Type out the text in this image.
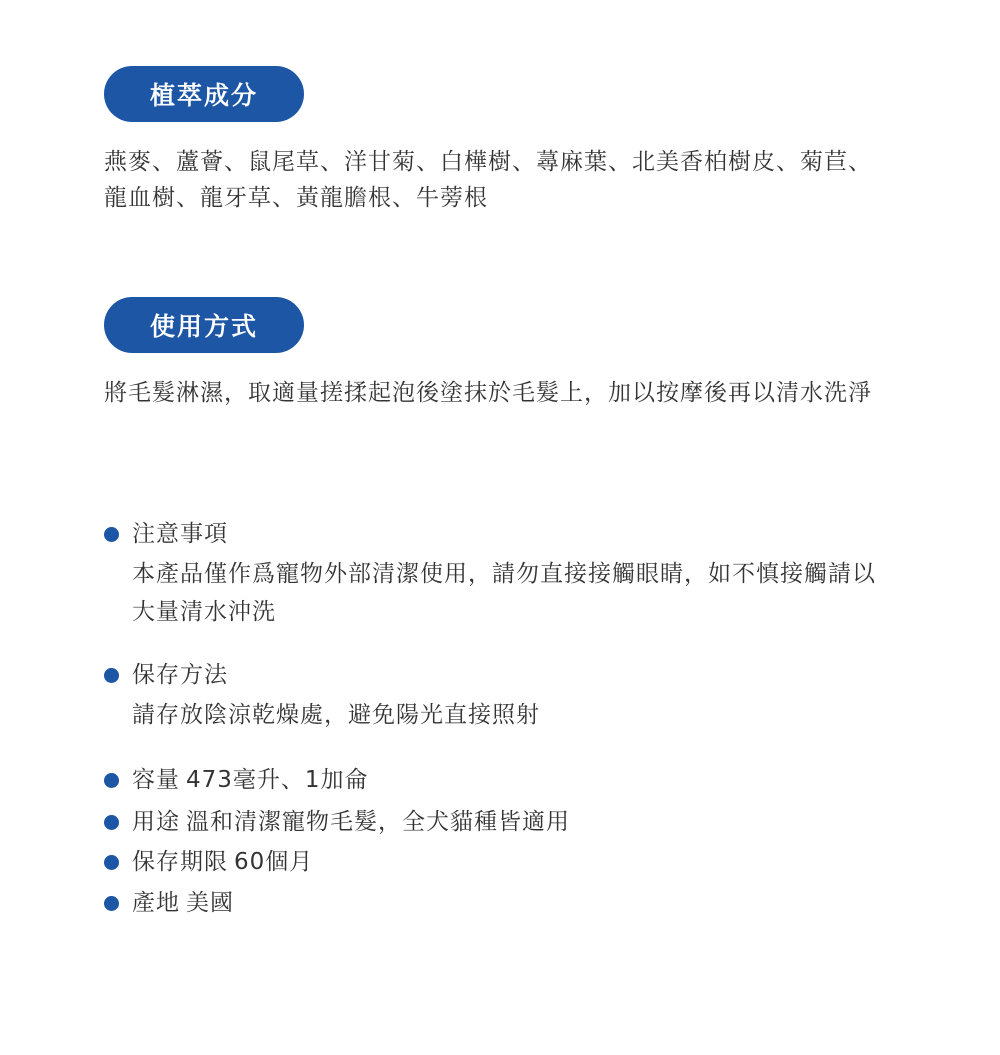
植萃成分
燕麥、蘆薈、鼠尾草、洋甘菊、白樺樹、蕁麻葉、北美香柏樹皮、菊苣、龍血樹、龍牙草、黃龍膽根、牛蒡根
使用方式
將毛髮淋濕，取適量搓揉起泡後塗抹於毛髮上，加以按摩後再以清水洗淨
注意事項
本產品僅作爲寵物外部清潔使用，請勿直接接觸眼睛，如不慎接觸請以大量清水沖洗
保存方法
請存放陰涼乾燥處，避免陽光直接照射
容量 473毫升、1加侖
用途 溫和清潔寵物毛髮，全犬貓種皆適用
保存期限 60個月
產地 美國
